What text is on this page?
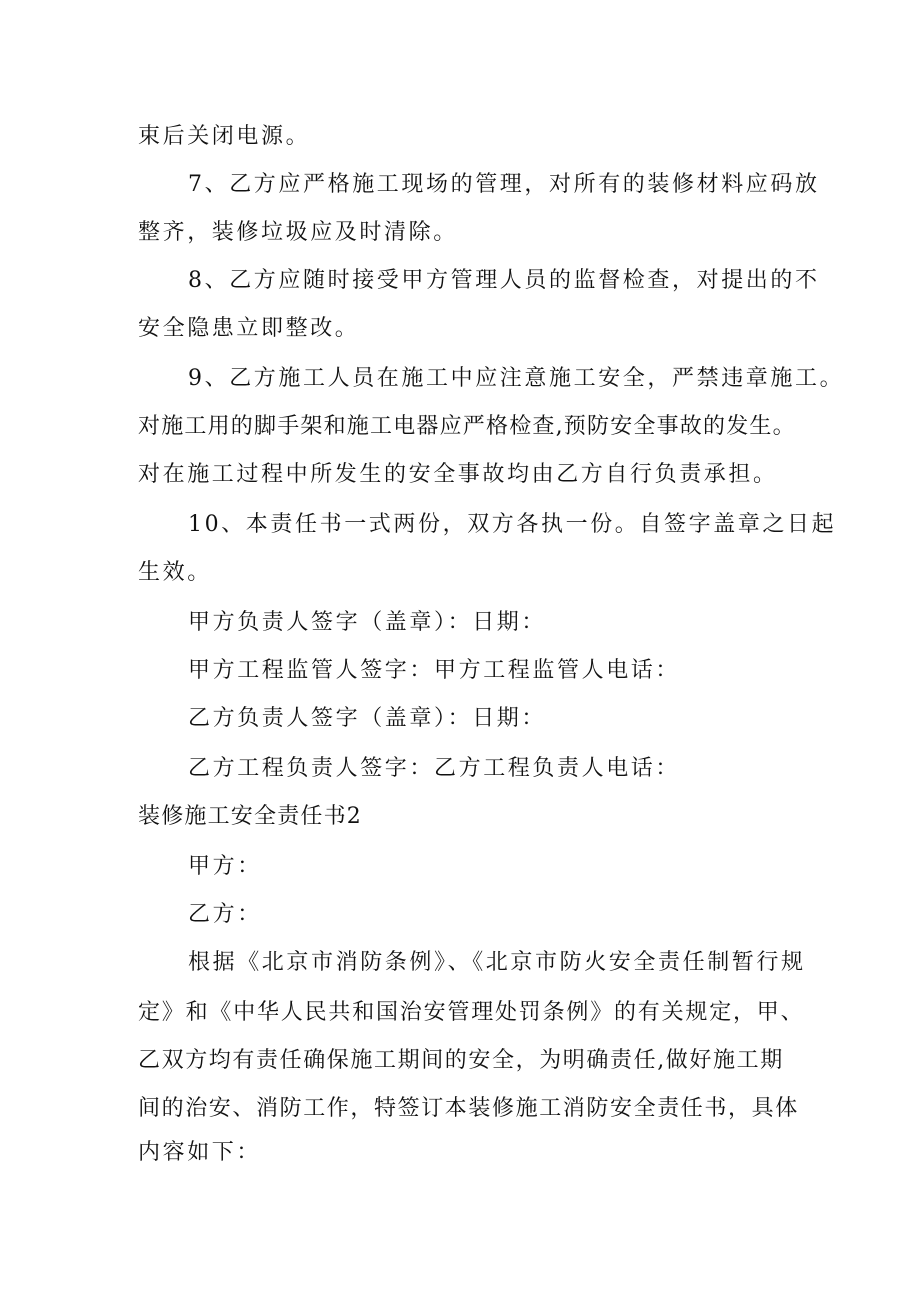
束后关闭电源。
7、乙方应严格施工现场的管理，对所有的装修材料应码放
整齐，装修垃圾应及时清除。
8、乙方应随时接受甲方管理人员的监督检查，对提出的不
安全隐患立即整改。
9、乙方施工人员在施工中应注意施工安全，严禁违章施工。
对施工用的脚手架和施工电器应严格检查,预防安全事故的发生。
对在施工过程中所发生的安全事故均由乙方自行负责承担。
10、本责任书一式两份，双方各执一份。自签字盖章之日起
生效。
甲方负责人签字（盖章）：日期：
甲方工程监管人签字：甲方工程监管人电话：
乙方负责人签字（盖章）：日期：
乙方工程负责人签字：乙方工程负责人电话：
装修施工安全责任书2
甲方：
乙方：
根据《北京市消防条例》、《北京市防火安全责任制暂行规
定》和《中华人民共和国治安管理处罚条例》的有关规定，甲、
乙双方均有责任确保施工期间的安全，为明确责任,做好施工期
间的治安、消防工作，特签订本装修施工消防安全责任书，具体
内容如下：
